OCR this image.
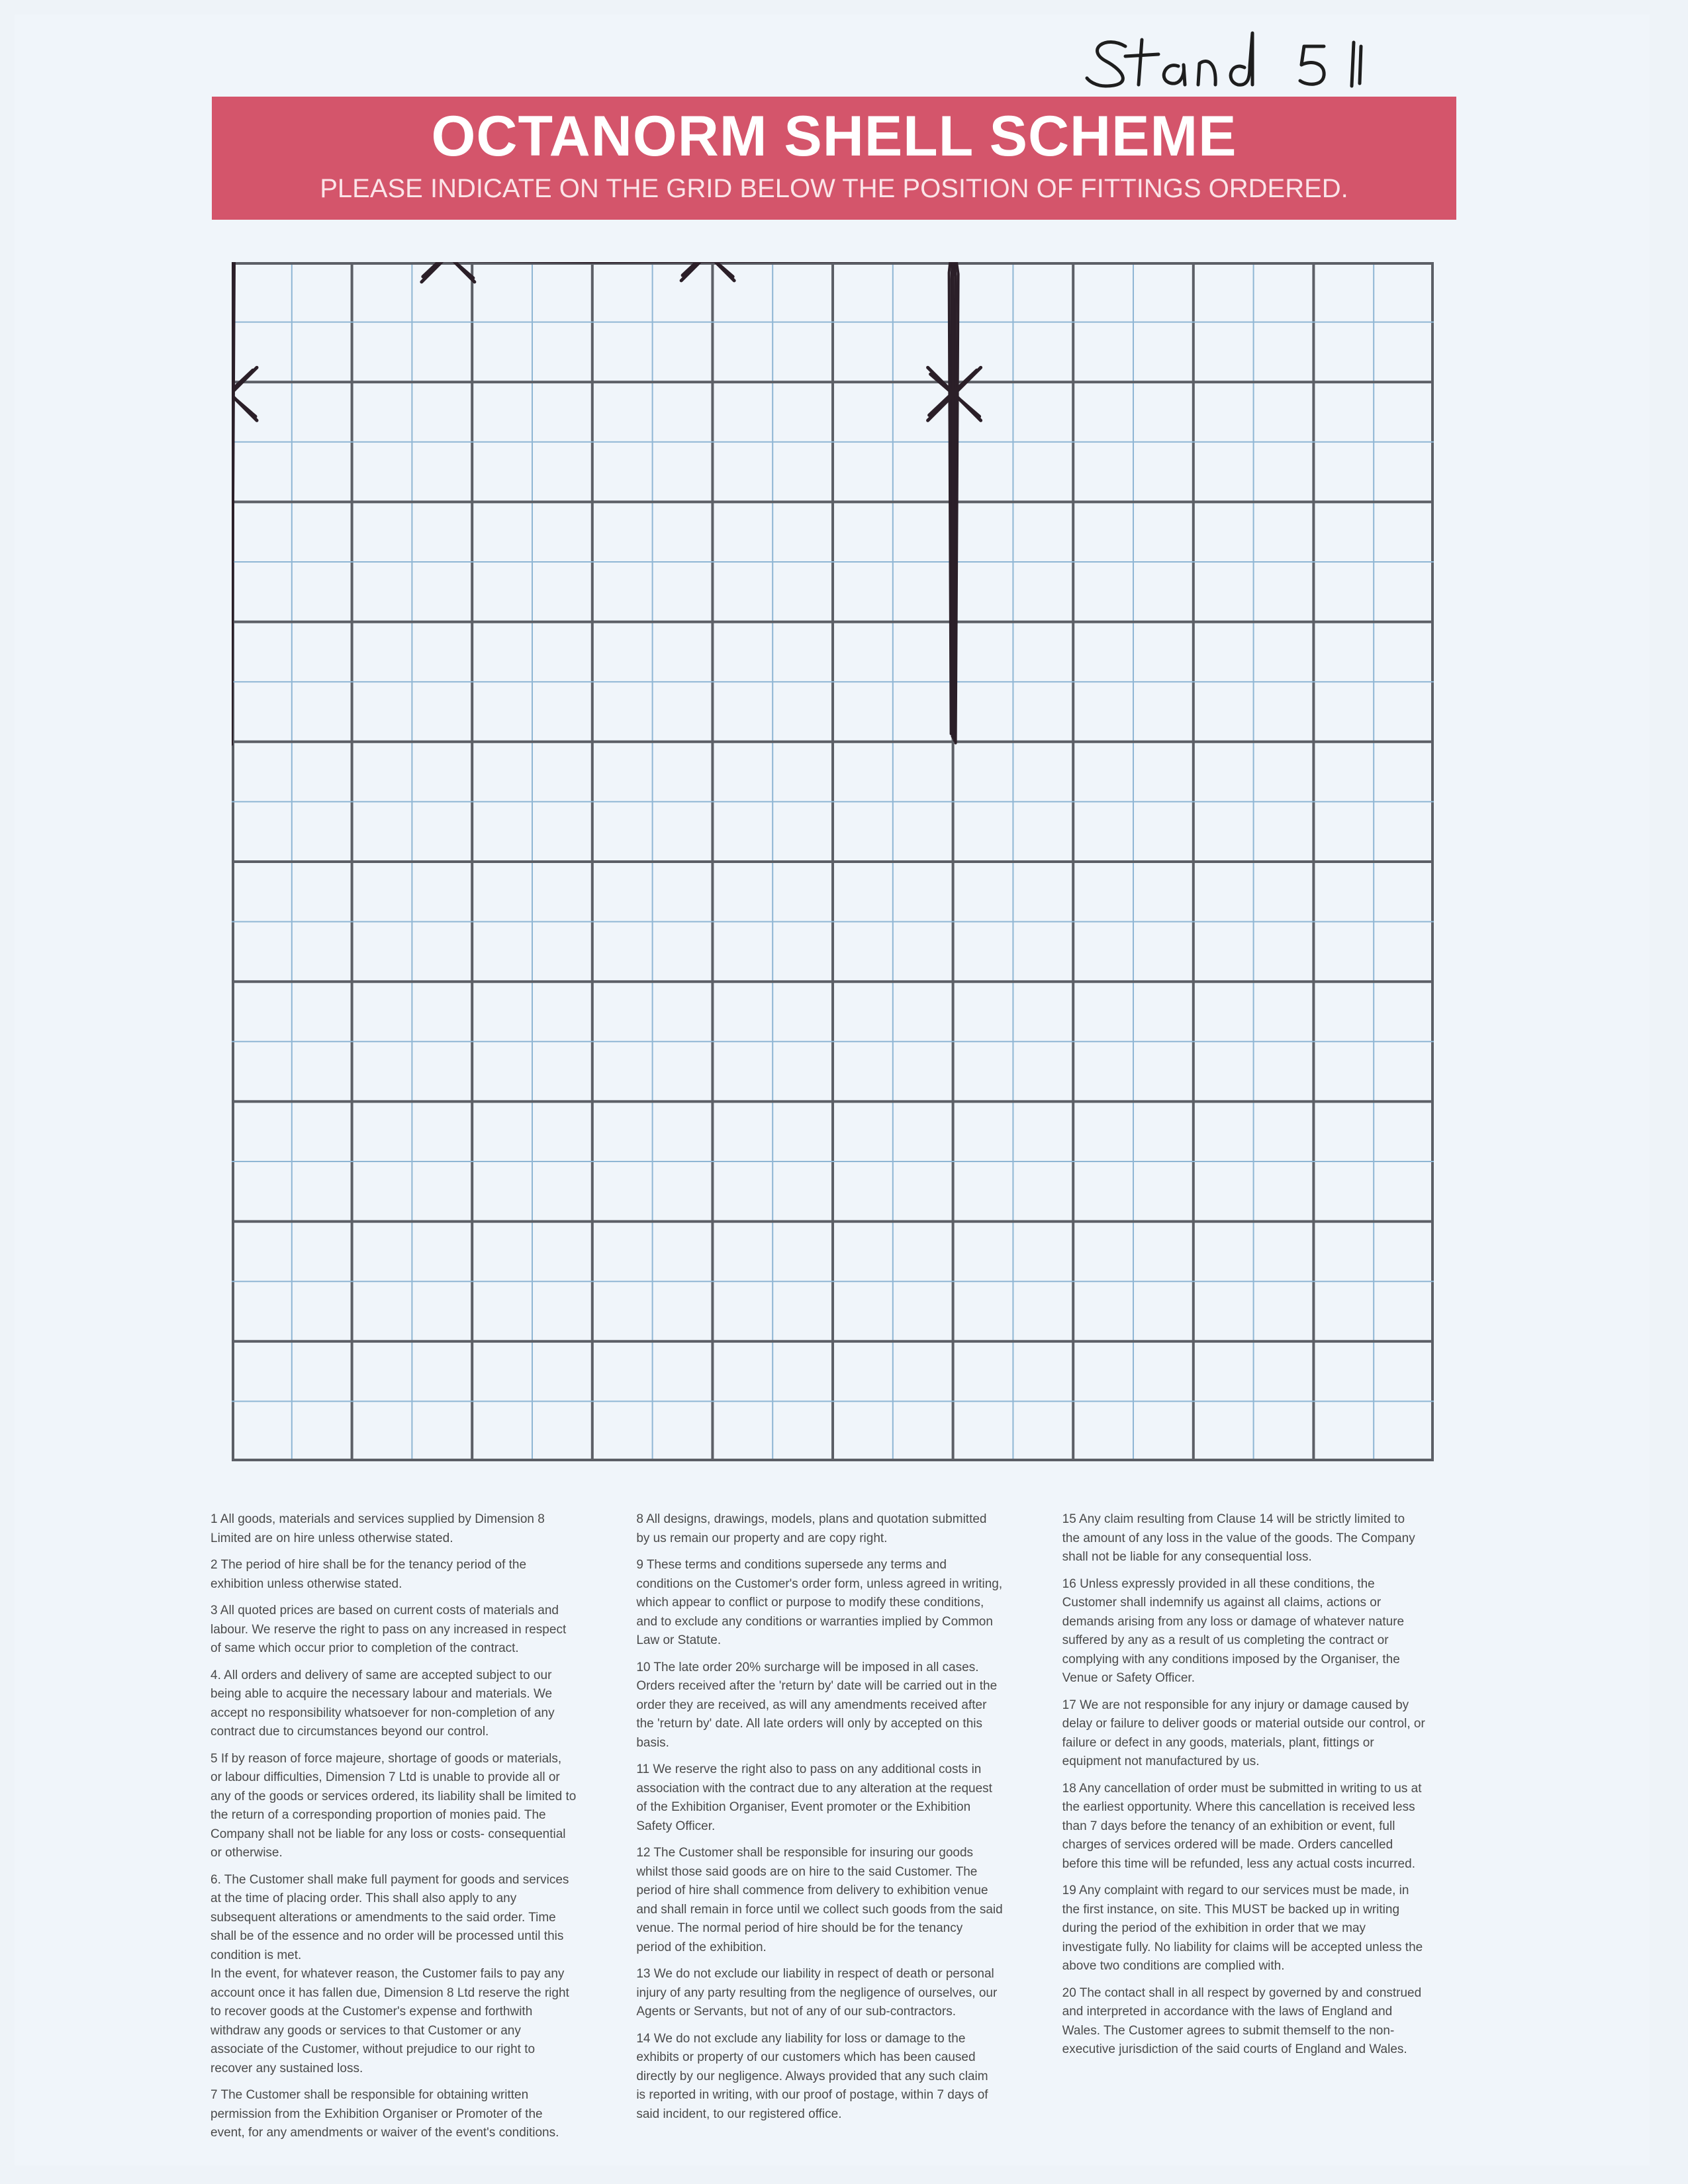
OCTANORM SHELL SCHEME
PLEASE INDICATE ON THE GRID BELOW THE POSITION OF FITTINGS ORDERED.

1 All goods, materials and services supplied by Dimension 8
Limited are on hire unless otherwise stated.

2 The period of hire shall be for the tenancy period of the
exhibition unless otherwise stated.

3 All quoted prices are based on current costs of materials and
labour. We reserve the right to pass on any increased in respect
of same which occur prior to completion of the contract.

4. All orders and delivery of same are accepted subject to our
being able to acquire the necessary labour and materials. We
accept no responsibility whatsoever for non-completion of any
contract due to circumstances beyond our control.

5 If by reason of force majeure, shortage of goods or materials,
or labour difficulties, Dimension 7 Ltd is unable to provide all or
any of the goods or services ordered, its liability shall be limited to
the return of a corresponding proportion of monies paid. The
Company shall not be liable for any loss or costs- consequential
or otherwise.

6. The Customer shall make full payment for goods and services
at the time of placing order. This shall also apply to any
subsequent alterations or amendments to the said order. Time
shall be of the essence and no order will be processed until this
condition is met.
In the event, for whatever reason, the Customer fails to pay any
account once it has fallen due, Dimension 8 Ltd reserve the right
to recover goods at the Customer's expense and forthwith
withdraw any goods or services to that Customer or any
associate of the Customer, without prejudice to our right to
recover any sustained loss.

7 The Customer shall be responsible for obtaining written
permission from the Exhibition Organiser or Promoter of the
event, for any amendments or waiver of the event's conditions.

8 All designs, drawings, models, plans and quotation submitted
by us remain our property and are copy right.

9 These terms and conditions supersede any terms and
conditions on the Customer's order form, unless agreed in writing,
which appear to conflict or purpose to modify these conditions,
and to exclude any conditions or warranties implied by Common
Law or Statute.

10 The late order 20% surcharge will be imposed in all cases.
Orders received after the 'return by' date will be carried out in the
order they are received, as will any amendments received after
the 'return by' date. All late orders will only by accepted on this
basis.

11 We reserve the right also to pass on any additional costs in
association with the contract due to any alteration at the request
of the Exhibition Organiser, Event promoter or the Exhibition
Safety Officer.

12 The Customer shall be responsible for insuring our goods
whilst those said goods are on hire to the said Customer. The
period of hire shall commence from delivery to exhibition venue
and shall remain in force until we collect such goods from the said
venue. The normal period of hire should be for the tenancy
period of the exhibition.

13 We do not exclude our liability in respect of death or personal
injury of any party resulting from the negligence of ourselves, our
Agents or Servants, but not of any of our sub-contractors.

14 We do not exclude any liability for loss or damage to the
exhibits or property of our customers which has been caused
directly by our negligence. Always provided that any such claim
is reported in writing, with our proof of postage, within 7 days of
said incident, to our registered office.

15 Any claim resulting from Clause 14 will be strictly limited to
the amount of any loss in the value of the goods. The Company
shall not be liable for any consequential loss.

16 Unless expressly provided in all these conditions, the
Customer shall indemnify us against all claims, actions or
demands arising from any loss or damage of whatever nature
suffered by any as a result of us completing the contract or
complying with any conditions imposed by the Organiser, the
Venue or Safety Officer.

17 We are not responsible for any injury or damage caused by
delay or failure to deliver goods or material outside our control, or
failure or defect in any goods, materials, plant, fittings or
equipment not manufactured by us.

18 Any cancellation of order must be submitted in writing to us at
the earliest opportunity. Where this cancellation is received less
than 7 days before the tenancy of an exhibition or event, full
charges of services ordered will be made. Orders cancelled
before this time will be refunded, less any actual costs incurred.

19 Any complaint with regard to our services must be made, in
the first instance, on site. This MUST be backed up in writing
during the period of the exhibition in order that we may
investigate fully. No liability for claims will be accepted unless the
above two conditions are complied with.

20 The contact shall in all respect by governed by and construed
and interpreted in accordance with the laws of England and
Wales. The Customer agrees to submit themself to the non-
executive jurisdiction of the said courts of England and Wales.
